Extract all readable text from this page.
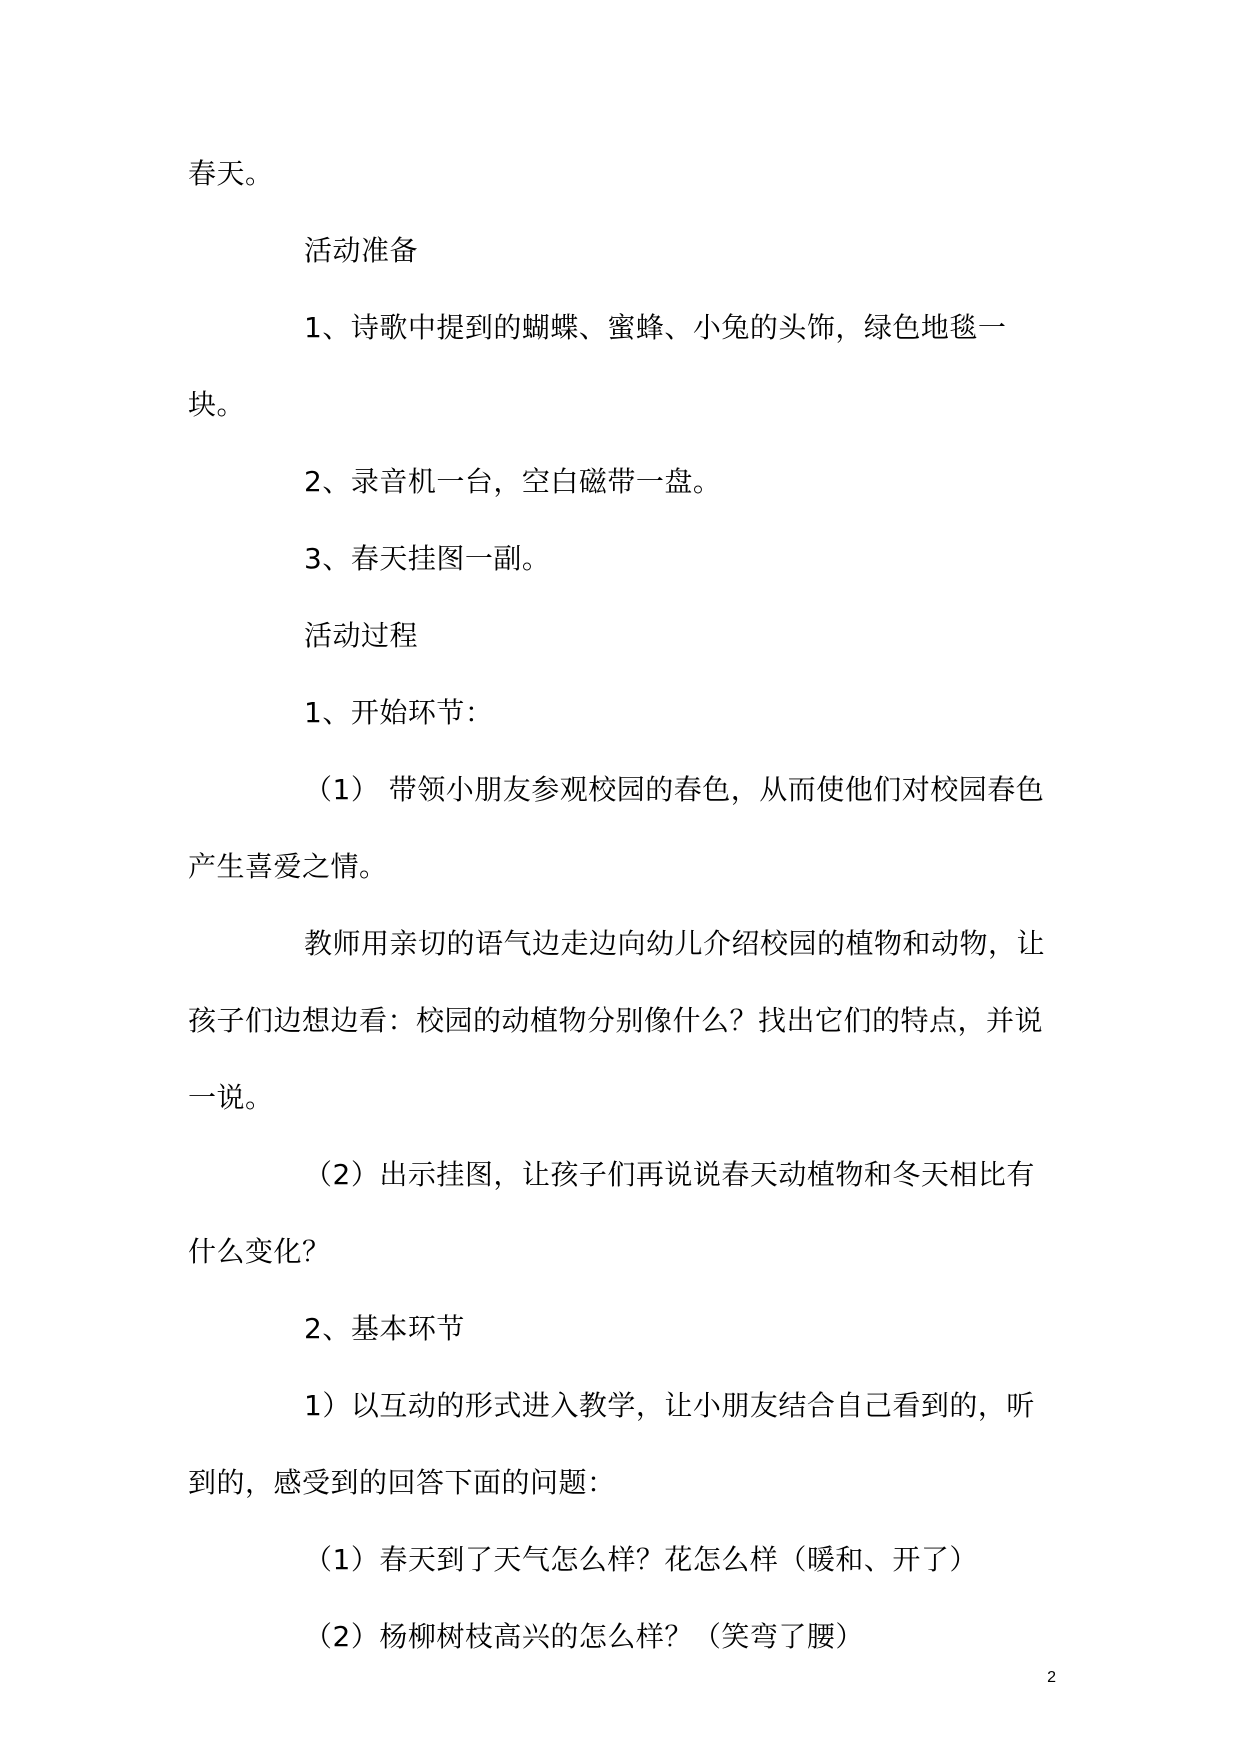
春天。

活动准备

1、诗歌中提到的蝴蝶、蜜蜂、小兔的头饰，绿色地毯一块。

2、录音机一台，空白磁带一盘。

3、春天挂图一副。

活动过程

1、开始环节：

（1） 带领小朋友参观校园的春色，从而使他们对校园春色产生喜爱之情。

教师用亲切的语气边走边向幼儿介绍校园的植物和动物，让孩子们边想边看：校园的动植物分别像什么？找出它们的特点，并说一说。

（2）出示挂图，让孩子们再说说春天动植物和冬天相比有什么变化？

2、基本环节

1）以互动的形式进入教学，让小朋友结合自己看到的，听到的，感受到的回答下面的问题：

（1）春天到了天气怎么样？花怎么样（暖和、开了）

（2）杨柳树枝高兴的怎么样？（笑弯了腰）

2
